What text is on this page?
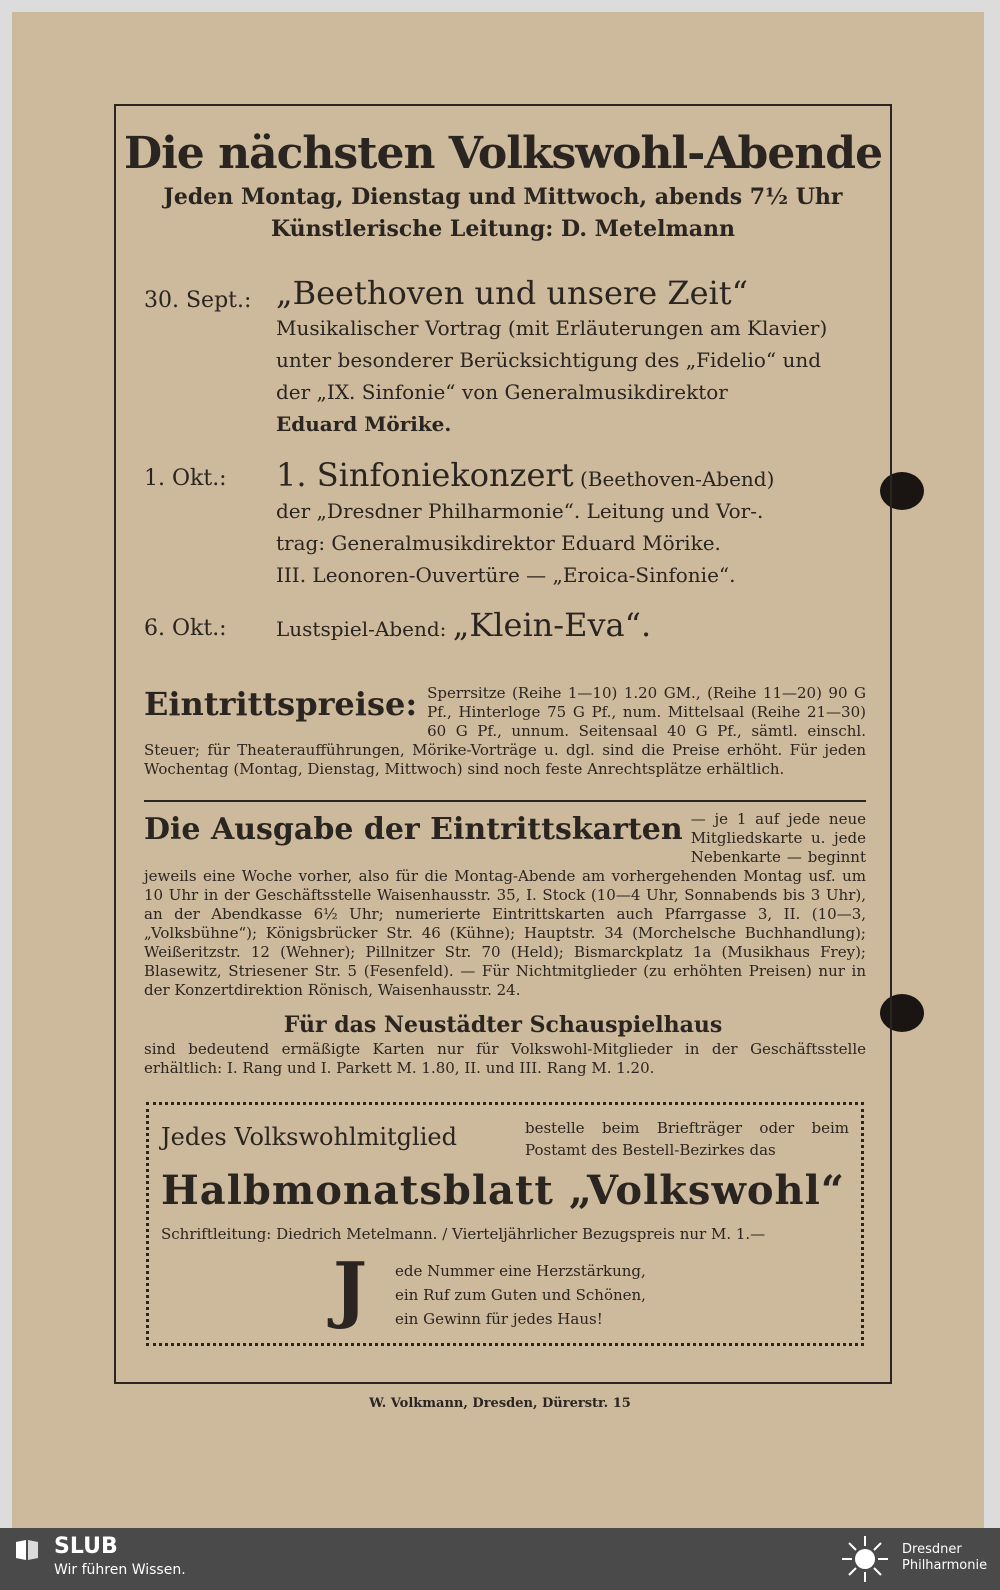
Die nächsten Volkswohl-Abende
Jeden Montag, Dienstag und Mittwoch, abends 7½ Uhr
Künstlerische Leitung: D. Metelmann
30. Sept.: „Beethoven und unsere Zeit“
Musikalischer Vortrag (mit Erläuterungen am Klavier)
unter besonderer Berücksichtigung des „Fidelio“ und
der „IX. Sinfonie“ von Generalmusikdirektor
Eduard Mörike.
1. Okt.: 1. Sinfoniekonzert (Beethoven-Abend)
der „Dresdner Philharmonie“. Leitung und Vor-.
trag: Generalmusikdirektor Eduard Mörike.
III. Leonoren-Ouvertüre — „Eroica-Sinfonie“.
6. Okt.: Lustspiel-Abend: „Klein-Eva“.
Eintrittspreise: Sperrsitze (Reihe 1—10) 1.20 GM., (Reihe 11—20) 90 G Pf., Hinterloge 75 G Pf., num. Mittelsaal (Reihe 21—30) 60 G Pf., unnum. Seitensaal 40 G Pf., sämtl. einschl. Steuer; für Theateraufführungen, Mörike-Vorträge u. dgl. sind die Preise erhöht. Für jeden Wochentag (Montag, Dienstag, Mittwoch) sind noch feste Anrechtsplätze erhältlich.
Die Ausgabe der Eintrittskarten — je 1 auf jede neue Mitgliedskarte u. jede Nebenkarte — beginnt jeweils eine Woche vorher, also für die Montag-Abende am vorhergehenden Montag usf. um 10 Uhr in der Geschäftsstelle Waisenhausstr. 35, I. Stock (10—4 Uhr, Sonnabends bis 3 Uhr), an der Abendkasse 6½ Uhr; numerierte Eintrittskarten auch Pfarrgasse 3, II. (10—3, „Volksbühne“); Königsbrücker Str. 46 (Kühne); Hauptstr. 34 (Morchelsche Buchhandlung); Weißeritzstr. 12 (Wehner); Pillnitzer Str. 70 (Held); Bismarckplatz 1a (Musikhaus Frey); Blasewitz, Striesener Str. 5 (Fesenfeld). — Für Nichtmitglieder (zu erhöhten Preisen) nur in der Konzertdirektion Rönisch, Waisenhausstr. 24.
Für das Neustädter Schauspielhaus
sind bedeutend ermäßigte Karten nur für Volkswohl-Mitglieder in der Geschäftsstelle erhältlich: I. Rang und I. Parkett M. 1.80, II. und III. Rang M. 1.20.
Jedes Volkswohlmitglied	bestelle beim Briefträger oder beim Postamt des Bestell-Bezirkes das
Halbmonatsblatt „Volkswohl“
Schriftleitung: Diedrich Metelmann. / Vierteljährlicher Bezugspreis nur M. 1.—
J ede Nummer eine Herzstärkung,
ein Ruf zum Guten und Schönen,
ein Gewinn für jedes Haus!
W. Volkmann, Dresden, Dürerstr. 15
SLUB
Wir führen Wissen.
Dresdner
Philharmonie
